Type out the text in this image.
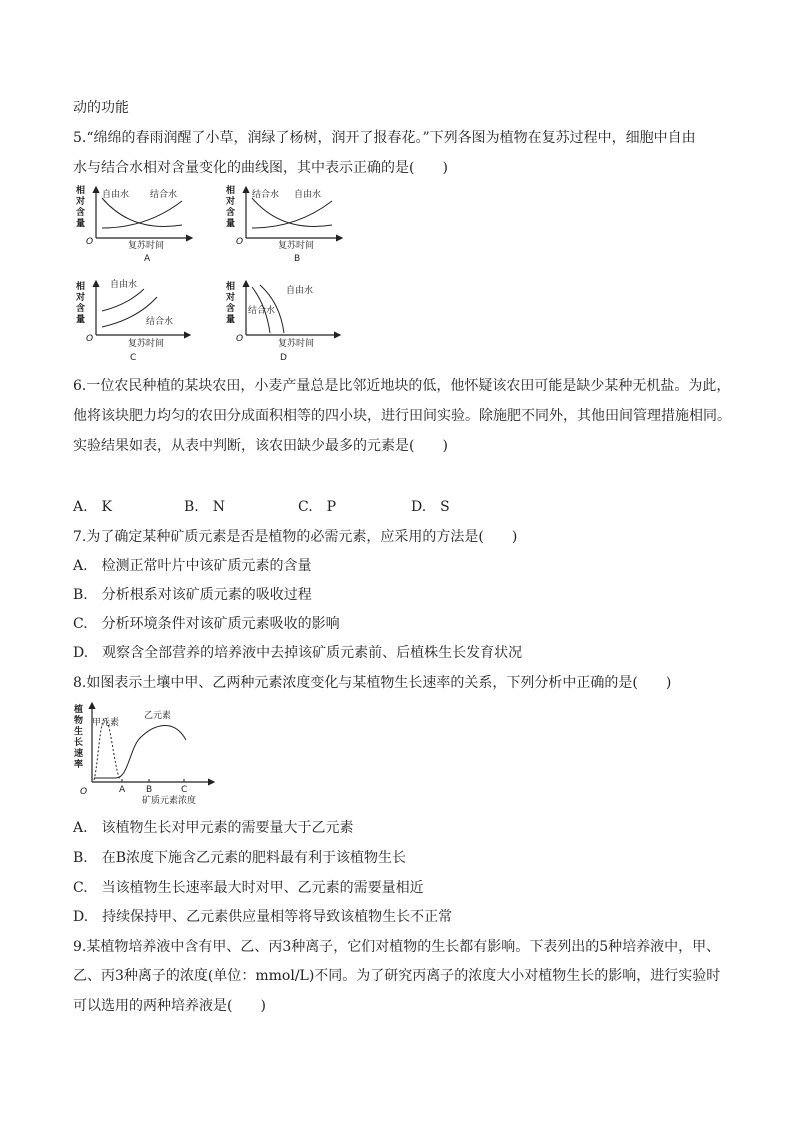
动的功能
5.“绵绵的春雨润醒了小草，润绿了杨树，润开了报春花。”下列各图为植物在复苏过程中，细胞中自由
水与结合水相对含量变化的曲线图，其中表示正确的是(　　)
相
对
含
量
O	复苏时间
自由水 结合水
A
相
对
含
量
O	复苏时间
结合水 自由水
B
相
对
含
量
O	复苏时间
自由水
结合水
C
相
对
含
量
O	复苏时间
自由水
结合水
D
6.一位农民种植的某块农田，小麦产量总是比邻近地块的低，他怀疑该农田可能是缺少某种无机盐。为此，
他将该块肥力均匀的农田分成面积相等的四小块，进行田间实验。除施肥不同外，其他田间管理措施相同。
实验结果如表，从表中判断，该农田缺少最多的元素是(　　)
A.　K	B.　N	C.　P	D.　S
7.为了确定某种矿质元素是否是植物的必需元素，应采用的方法是(　　)
A.　检测正常叶片中该矿质元素的含量
B.　分析根系对该矿质元素的吸收过程
C.　分析环境条件对该矿质元素吸收的影响
D.　观察含全部营养的培养液中去掉该矿质元素前、后植株生长发育状况
8.如图表示土壤中甲、乙两种元素浓度变化与某植物生长速率的关系，下列分析中正确的是(　　)
植
物
生
长
速
率
O
甲元素
乙元素
A B	C
矿质元素浓度
A.　该植物生长对甲元素的需要量大于乙元素
B.　在B浓度下施含乙元素的肥料最有利于该植物生长
C.　当该植物生长速率最大时对甲、乙元素的需要量相近
D.　持续保持甲、乙元素供应量相等将导致该植物生长不正常
9.某植物培养液中含有甲、乙、丙3种离子，它们对植物的生长都有影响。下表列出的5种培养液中，甲、
乙、丙3种离子的浓度(单位：mmol/L)不同。为了研究丙离子的浓度大小对植物生长的影响，进行实验时
可以选用的两种培养液是(　　)
